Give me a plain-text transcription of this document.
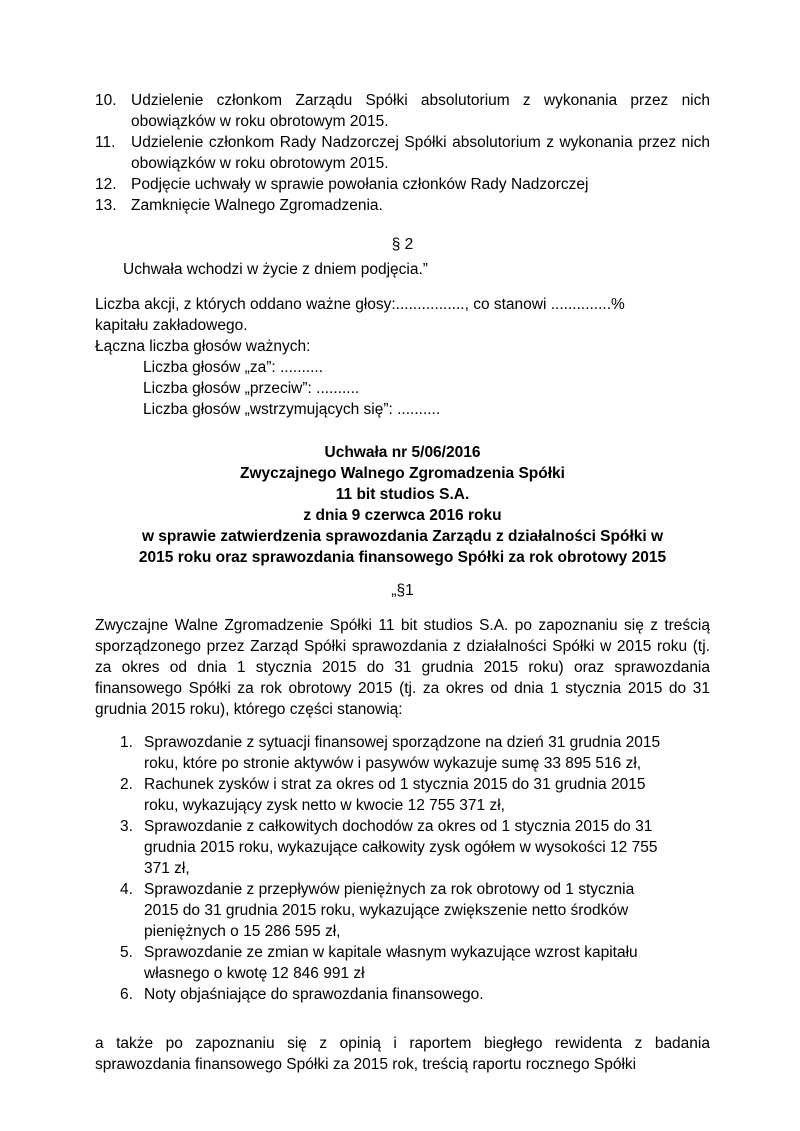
10. Udzielenie członkom Zarządu Spółki absolutorium z wykonania przez nich obowiązków w roku obrotowym 2015.
11.	Udzielenie członkom Rady Nadzorczej Spółki absolutorium z wykonania przez nich obowiązków w roku obrotowym 2015.
12. Podjęcie uchwały w sprawie powołania członków Rady Nadzorczej
13. Zamknięcie Walnego Zgromadzenia.
§ 2
Uchwała wchodzi w życie z dniem podjęcia.”
Liczba akcji, z których oddano ważne głosy:................, co stanowi ..............%
kapitału zakładowego.
Łączna liczba głosów ważnych:
Liczba głosów „za”: ..........
Liczba głosów „przeciw”: ..........
Liczba głosów „wstrzymujących się”: ..........
Uchwała nr 5/06/2016
Zwyczajnego Walnego Zgromadzenia Spółki
11 bit studios S.A.
z dnia 9 czerwca 2016 roku
w sprawie zatwierdzenia sprawozdania Zarządu z działalności Spółki w
2015 roku oraz sprawozdania finansowego Spółki za rok obrotowy 2015
„§1
Zwyczajne Walne Zgromadzenie Spółki 11 bit studios S.A. po zapoznaniu się z treścią sporządzonego przez Zarząd Spółki sprawozdania z działalności Spółki w 2015 roku (tj. za okres od dnia 1 stycznia 2015 do 31 grudnia 2015 roku) oraz sprawozdania finansowego Spółki za rok obrotowy 2015 (tj. za okres od dnia 1 stycznia 2015 do 31 grudnia 2015 roku), którego części stanowią:
1. Sprawozdanie z sytuacji finansowej sporządzone na dzień 31 grudnia 2015 roku, które po stronie aktywów i pasywów wykazuje sumę 33 895 516 zł,
2. Rachunek zysków i strat za okres od 1 stycznia 2015 do 31 grudnia 2015 roku, wykazujący zysk netto w kwocie 12 755 371 zł,
3. Sprawozdanie z całkowitych dochodów za okres od 1 stycznia 2015 do 31 grudnia 2015 roku, wykazujące całkowity zysk ogółem w wysokości 12 755 371 zł,
4. Sprawozdanie z przepływów pieniężnych za rok obrotowy od 1 stycznia 2015 do 31 grudnia 2015 roku, wykazujące zwiększenie netto środków pieniężnych o 15 286 595 zł,
5. Sprawozdanie ze zmian w kapitale własnym wykazujące wzrost kapitału własnego o kwotę 12 846 991 zł
6. Noty objaśniające do sprawozdania finansowego.
a także po zapoznaniu się z opinią i raportem biegłego rewidenta z badania sprawozdania finansowego Spółki za 2015 rok, treścią raportu rocznego Spółki
